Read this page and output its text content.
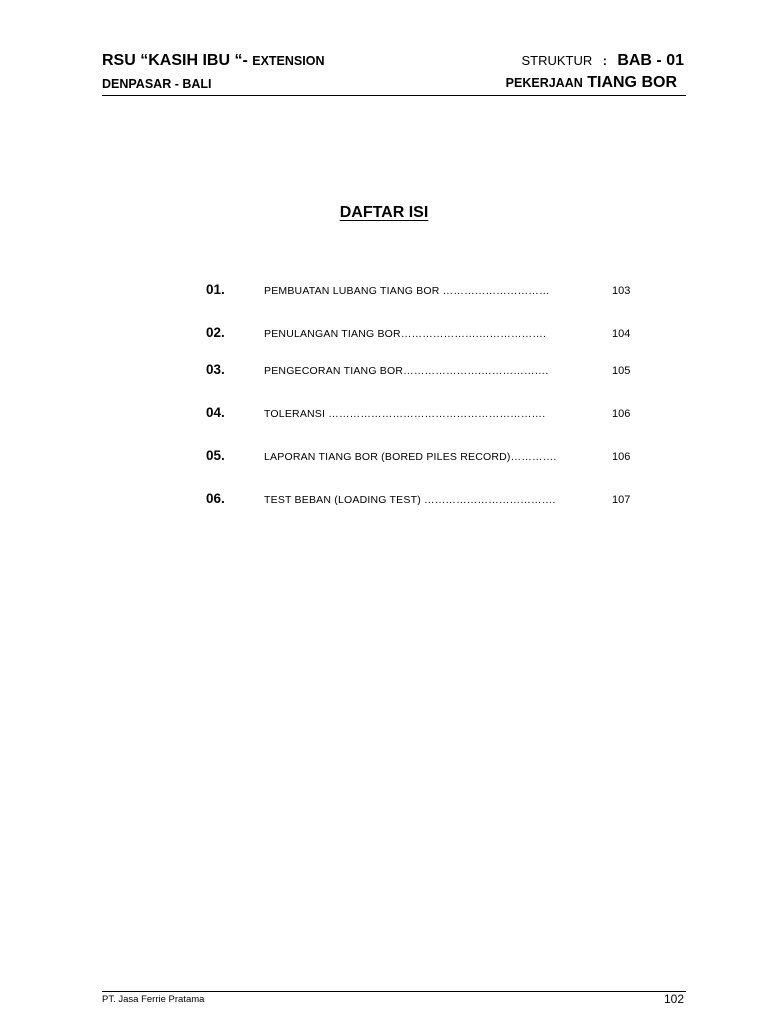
RSU “KASIH IBU “- EXTENSION
DENPASAR - BALI
STRUKTUR : BAB - 01
PEKERJAAN TIANG BOR
DAFTAR ISI
01.	PEMBUATAN LUBANG TIANG BOR …………………………	103
02.	PENULANGAN TIANG BOR………………….……………….	104
03.	PENGECORAN TIANG BOR………………….……………….	105
04.	TOLERANSI …………………………………………………….	106
05.	LAPORAN TIANG BOR (BORED PILES RECORD)………….	106
06.	TEST BEBAN (LOADING TEST) ……………………………….	107
PT. Jasa Ferrie Pratama	102
